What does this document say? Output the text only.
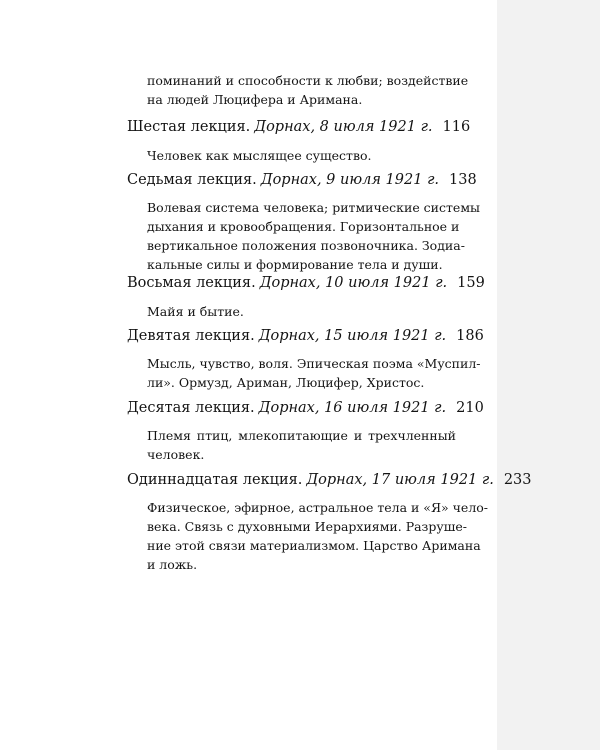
поминаний и способности к любви; воздействие
на людей Люцифера и Аримана.
Шестая лекция. Дорнах, 8 июля 1921 г. 116
Человек как мыслящее существо.
Седьмая лекция. Дорнах, 9 июля 1921 г. 138
Волевая система человека; ритмические системы
дыхания и кровообращения. Горизонтальное и
вертикальное положения позвоночника. Зодиа-
кальные силы и формирование тела и души.
Восьмая лекция. Дорнах, 10 июля 1921 г. 159
Майя и бытие.
Девятая лекция. Дорнах, 15 июля 1921 г. 186
Мысль, чувство, воля. Эпическая поэма «Муспил-
ли». Ормузд, Ариман, Люцифер, Христос.
Десятая лекция. Дорнах, 16 июля 1921 г. 210
Племя птиц, млекопитающие и трехчленный
человек.
Одиннадцатая лекция. Дорнах, 17 июля 1921 г. 233
Физическое, эфирное, астральное тела и «Я» чело-
века. Связь с духовными Иерархиями. Разруше-
ние этой связи материализмом. Царство Аримана
и ложь.
